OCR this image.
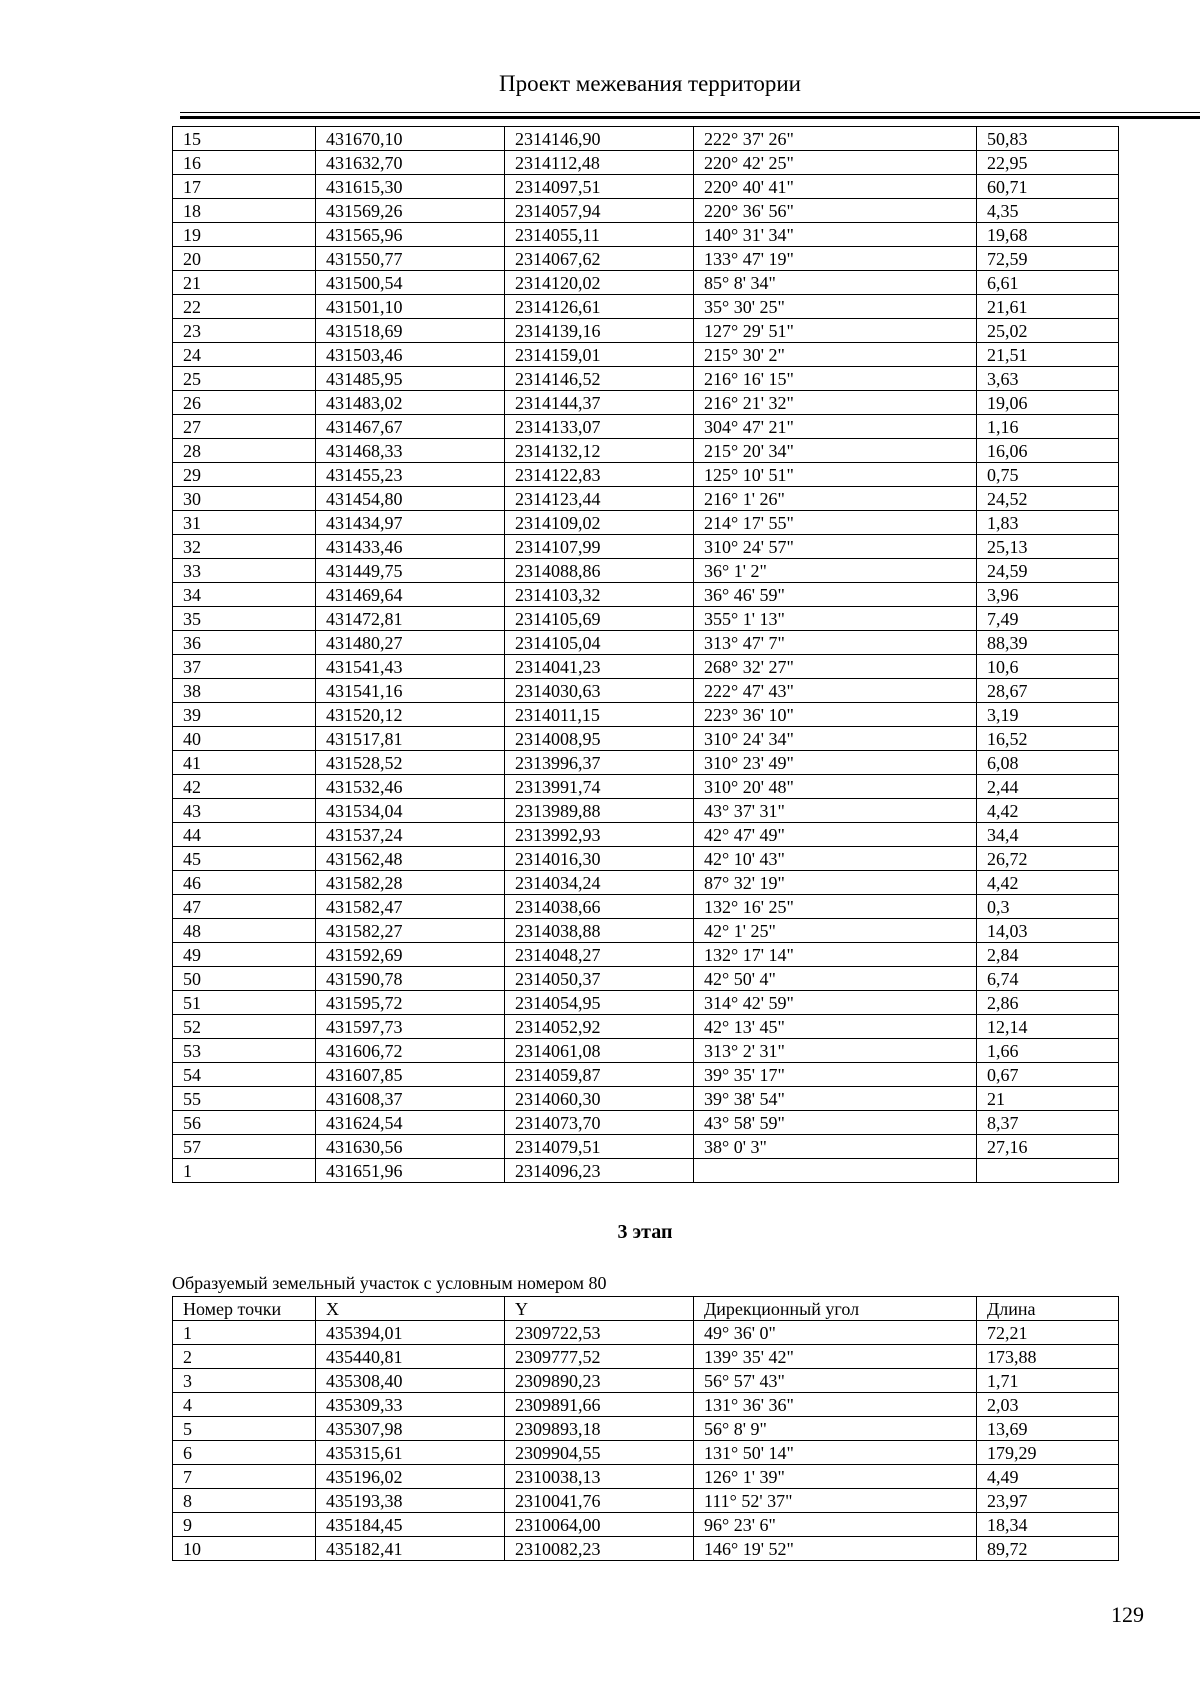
Проект межевания территории
15	431670,10	2314146,90	222° 37' 26"	50,83
16	431632,70	2314112,48	220° 42' 25"	22,95
17	431615,30	2314097,51	220° 40' 41"	60,71
18	431569,26	2314057,94	220° 36' 56"	4,35
19	431565,96	2314055,11	140° 31' 34"	19,68
20	431550,77	2314067,62	133° 47' 19"	72,59
21	431500,54	2314120,02	85° 8' 34"	6,61
22	431501,10	2314126,61	35° 30' 25"	21,61
23	431518,69	2314139,16	127° 29' 51"	25,02
24	431503,46	2314159,01	215° 30' 2"	21,51
25	431485,95	2314146,52	216° 16' 15"	3,63
26	431483,02	2314144,37	216° 21' 32"	19,06
27	431467,67	2314133,07	304° 47' 21"	1,16
28	431468,33	2314132,12	215° 20' 34"	16,06
29	431455,23	2314122,83	125° 10' 51"	0,75
30	431454,80	2314123,44	216° 1' 26"	24,52
31	431434,97	2314109,02	214° 17' 55"	1,83
32	431433,46	2314107,99	310° 24' 57"	25,13
33	431449,75	2314088,86	36° 1' 2"	24,59
34	431469,64	2314103,32	36° 46' 59"	3,96
35	431472,81	2314105,69	355° 1' 13"	7,49
36	431480,27	2314105,04	313° 47' 7"	88,39
37	431541,43	2314041,23	268° 32' 27"	10,6
38	431541,16	2314030,63	222° 47' 43"	28,67
39	431520,12	2314011,15	223° 36' 10"	3,19
40	431517,81	2314008,95	310° 24' 34"	16,52
41	431528,52	2313996,37	310° 23' 49"	6,08
42	431532,46	2313991,74	310° 20' 48"	2,44
43	431534,04	2313989,88	43° 37' 31"	4,42
44	431537,24	2313992,93	42° 47' 49"	34,4
45	431562,48	2314016,30	42° 10' 43"	26,72
46	431582,28	2314034,24	87° 32' 19"	4,42
47	431582,47	2314038,66	132° 16' 25"	0,3
48	431582,27	2314038,88	42° 1' 25"	14,03
49	431592,69	2314048,27	132° 17' 14"	2,84
50	431590,78	2314050,37	42° 50' 4"	6,74
51	431595,72	2314054,95	314° 42' 59"	2,86
52	431597,73	2314052,92	42° 13' 45"	12,14
53	431606,72	2314061,08	313° 2' 31"	1,66
54	431607,85	2314059,87	39° 35' 17"	0,67
55	431608,37	2314060,30	39° 38' 54"	21
56	431624,54	2314073,70	43° 58' 59"	8,37
57	431630,56	2314079,51	38° 0' 3"	27,16
1	431651,96	2314096,23		
3 этап
Образуемый земельный участок с условным номером 80
Номер точки	X	Y	Дирекционный угол	Длина
1	435394,01	2309722,53	49° 36' 0"	72,21
2	435440,81	2309777,52	139° 35' 42"	173,88
3	435308,40	2309890,23	56° 57' 43"	1,71
4	435309,33	2309891,66	131° 36' 36"	2,03
5	435307,98	2309893,18	56° 8' 9"	13,69
6	435315,61	2309904,55	131° 50' 14"	179,29
7	435196,02	2310038,13	126° 1' 39"	4,49
8	435193,38	2310041,76	111° 52' 37"	23,97
9	435184,45	2310064,00	96° 23' 6"	18,34
10	435182,41	2310082,23	146° 19' 52"	89,72
129
